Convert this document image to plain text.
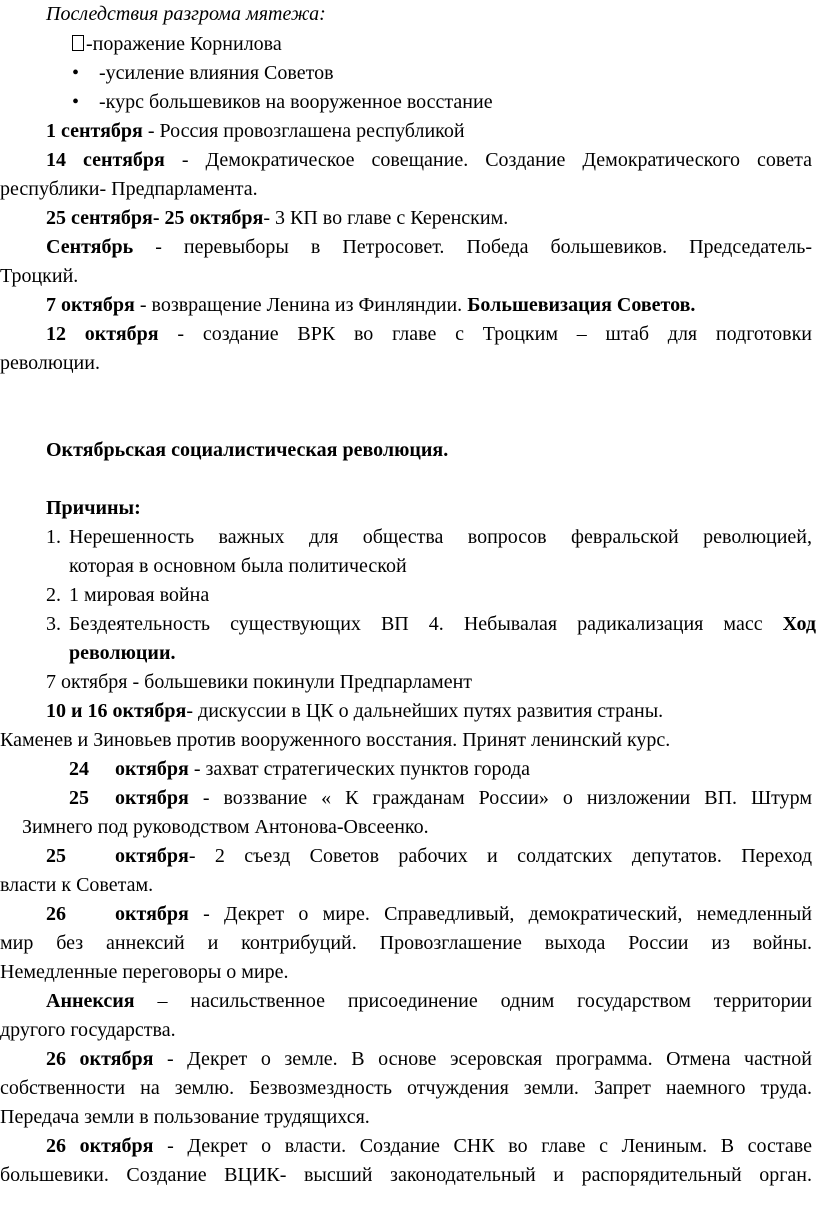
Последствия разгрома мятежа:
-поражение Корнилова
• -усиление влияния Советов
• -курс большевиков на вооруженное восстание
1 сентября - Россия провозглашена республикой
14 сентября - Демократическое совещание. Создание Демократического совета
республики- Предпарламента.
25 сентября- 25 октября- 3 КП во главе с Керенским.
Сентябрь - перевыборы в Петросовет. Победа большевиков. Председатель-
Троцкий.
7 октября - возвращение Ленина из Финляндии. Большевизация Советов.
12 октября - создание ВРК во главе с Троцким – штаб для подготовки
революции.
Октябрьская социалистическая революция.
Причины:
1. Нерешенность важных для общества вопросов февральской революцией,
которая в основном была политической
2. 1 мировая война
3. Бездеятельность существующих ВП 4. Небывалая радикализация масс Ход
революции.
7 октября - большевики покинули Предпарламент
10 и 16 октября- дискуссии в ЦК о дальнейших путях развития страны.
Каменев и Зиновьев против вооруженного восстания. Принят ленинский курс.
24 октября - захват стратегических пунктов города
25 октября - воззвание « К гражданам России» о низложении ВП. Штурм
Зимнего под руководством Антонова-Овсеенко.
25 октября- 2 съезд Советов рабочих и солдатских депутатов. Переход
власти к Советам.
26 октября - Декрет о мире. Справедливый, демократический, немедленный
мир без аннексий и контрибуций. Провозглашение выхода России из войны.
Немедленные переговоры о мире.
Аннексия – насильственное присоединение одним государством территории
другого государства.
26 октября - Декрет о земле. В основе эсеровская программа. Отмена частной
собственности на землю. Безвозмездность отчуждения земли. Запрет наемного труда.
Передача земли в пользование трудящихся.
26 октября - Декрет о власти. Создание СНК во главе с Лениным. В составе
большевики. Создание ВЦИК- высший законодательный и распорядительный орган.
